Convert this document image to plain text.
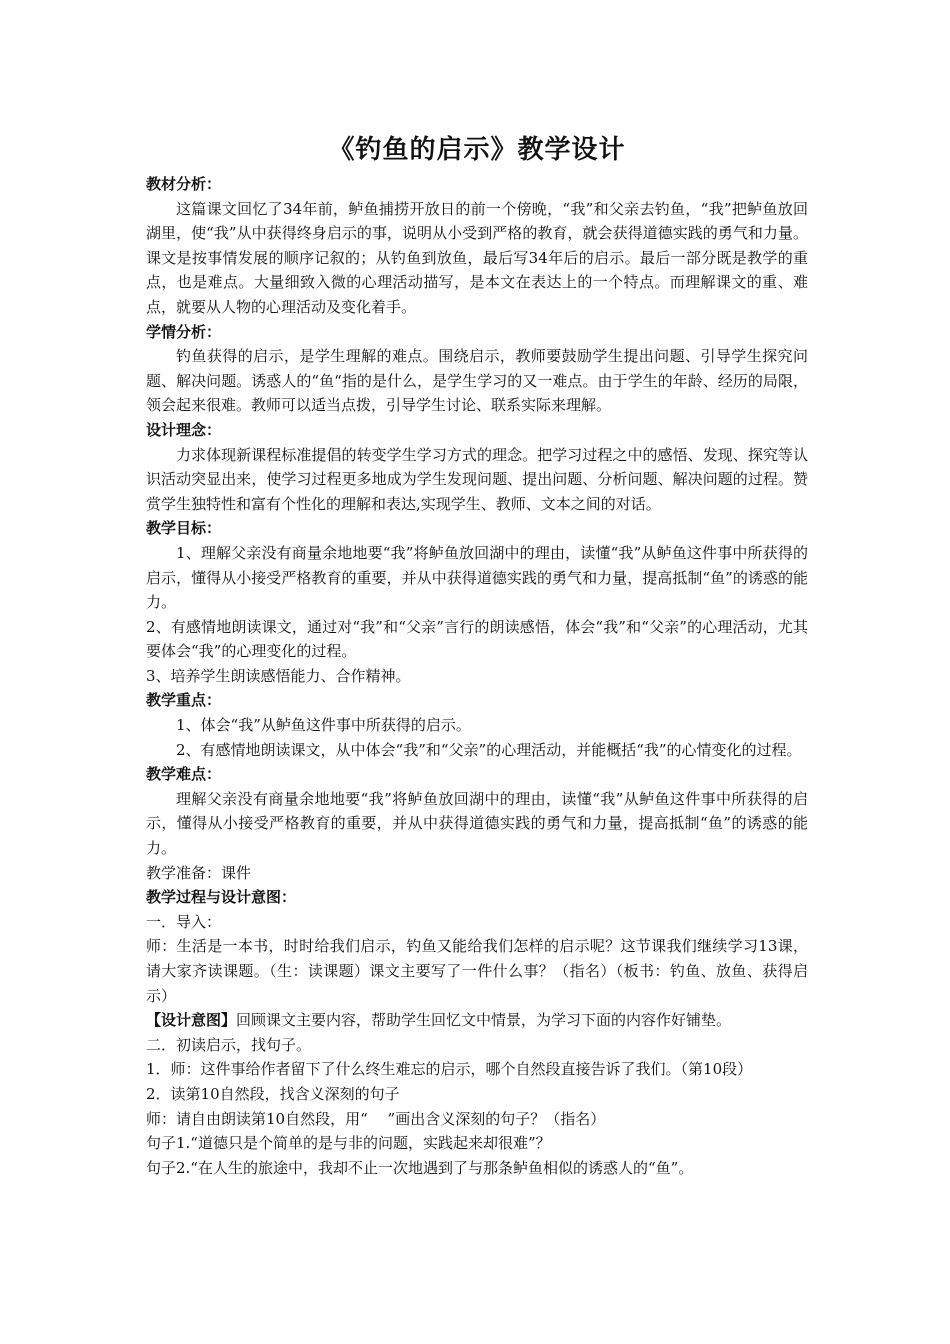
《钓鱼的启示》教学设计
教材分析：

这篇课文回忆了34年前，鲈鱼捕捞开放日的前一个傍晚，“我”和父亲去钓鱼，“我”把鲈鱼放回湖里，使“我”从中获得终身启示的事，说明从小受到严格的教育，就会获得道德实践的勇气和力量。课文是按事情发展的顺序记叙的；从钓鱼到放鱼，最后写34年后的启示。最后一部分既是教学的重点，也是难点。大量细致入微的心理活动描写，是本文在表达上的一个特点。而理解课文的重、难点，就要从人物的心理活动及变化着手。

学情分析：

钓鱼获得的启示，是学生理解的难点。围绕启示，教师要鼓励学生提出问题、引导学生探究问题、解决问题。诱惑人的“鱼“指的是什么，是学生学习的又一难点。由于学生的年龄、经历的局限，领会起来很难。教师可以适当点拨，引导学生讨论、联系实际来理解。

设计理念：

力求体现新课程标准提倡的转变学生学习方式的理念。把学习过程之中的感悟、发现、探究等认识活动突显出来，使学习过程更多地成为学生发现问题、提出问题、分析问题、解决问题的过程。赞赏学生独特性和富有个性化的理解和表达,实现学生、教师、文本之间的对话。

教学目标：

1、理解父亲没有商量余地地要“我”将鲈鱼放回湖中的理由，读懂“我”从鲈鱼这件事中所获得的启示，懂得从小接受严格教育的重要，并从中获得道德实践的勇气和力量，提高抵制“鱼”的诱惑的能力。

2、有感情地朗读课文，通过对“我”和“父亲”言行的朗读感悟，体会“我”和“父亲”的心理活动，尤其要体会“我”的心理变化的过程。

3、培养学生朗读感悟能力、合作精神。

教学重点：

1、体会“我”从鲈鱼这件事中所获得的启示。

2、有感情地朗读课文，从中体会“我”和“父亲”的心理活动，并能概括“我”的心情变化的过程。

教学难点：

理解父亲没有商量余地地要“我”将鲈鱼放回湖中的理由，读懂“我”从鲈鱼这件事中所获得的启示，懂得从小接受严格教育的重要，并从中获得道德实践的勇气和力量，提高抵制“鱼”的诱惑的能力。

教学准备：课件

教学过程与设计意图：

一．导入：

师：生活是一本书，时时给我们启示，钓鱼又能给我们怎样的启示呢？这节课我们继续学习13课，请大家齐读课题。（生：读课题）课文主要写了一件什么事？（指名）（板书：钓鱼、放鱼、获得启示）

【设计意图】回顾课文主要内容，帮助学生回忆文中情景，为学习下面的内容作好铺垫。

二．初读启示，找句子。

1．师：这件事给作者留下了什么终生难忘的启示，哪个自然段直接告诉了我们。（第10段）

2．读第10自然段，找含义深刻的句子

师：请自由朗读第10自然段，用“　 ”画出含义深刻的句子？（指名）

句子1.“道德只是个简单的是与非的问题，实践起来却很难”？

句子2.“在人生的旅途中，我却不止一次地遇到了与那条鲈鱼相似的诱惑人的“鱼”。
